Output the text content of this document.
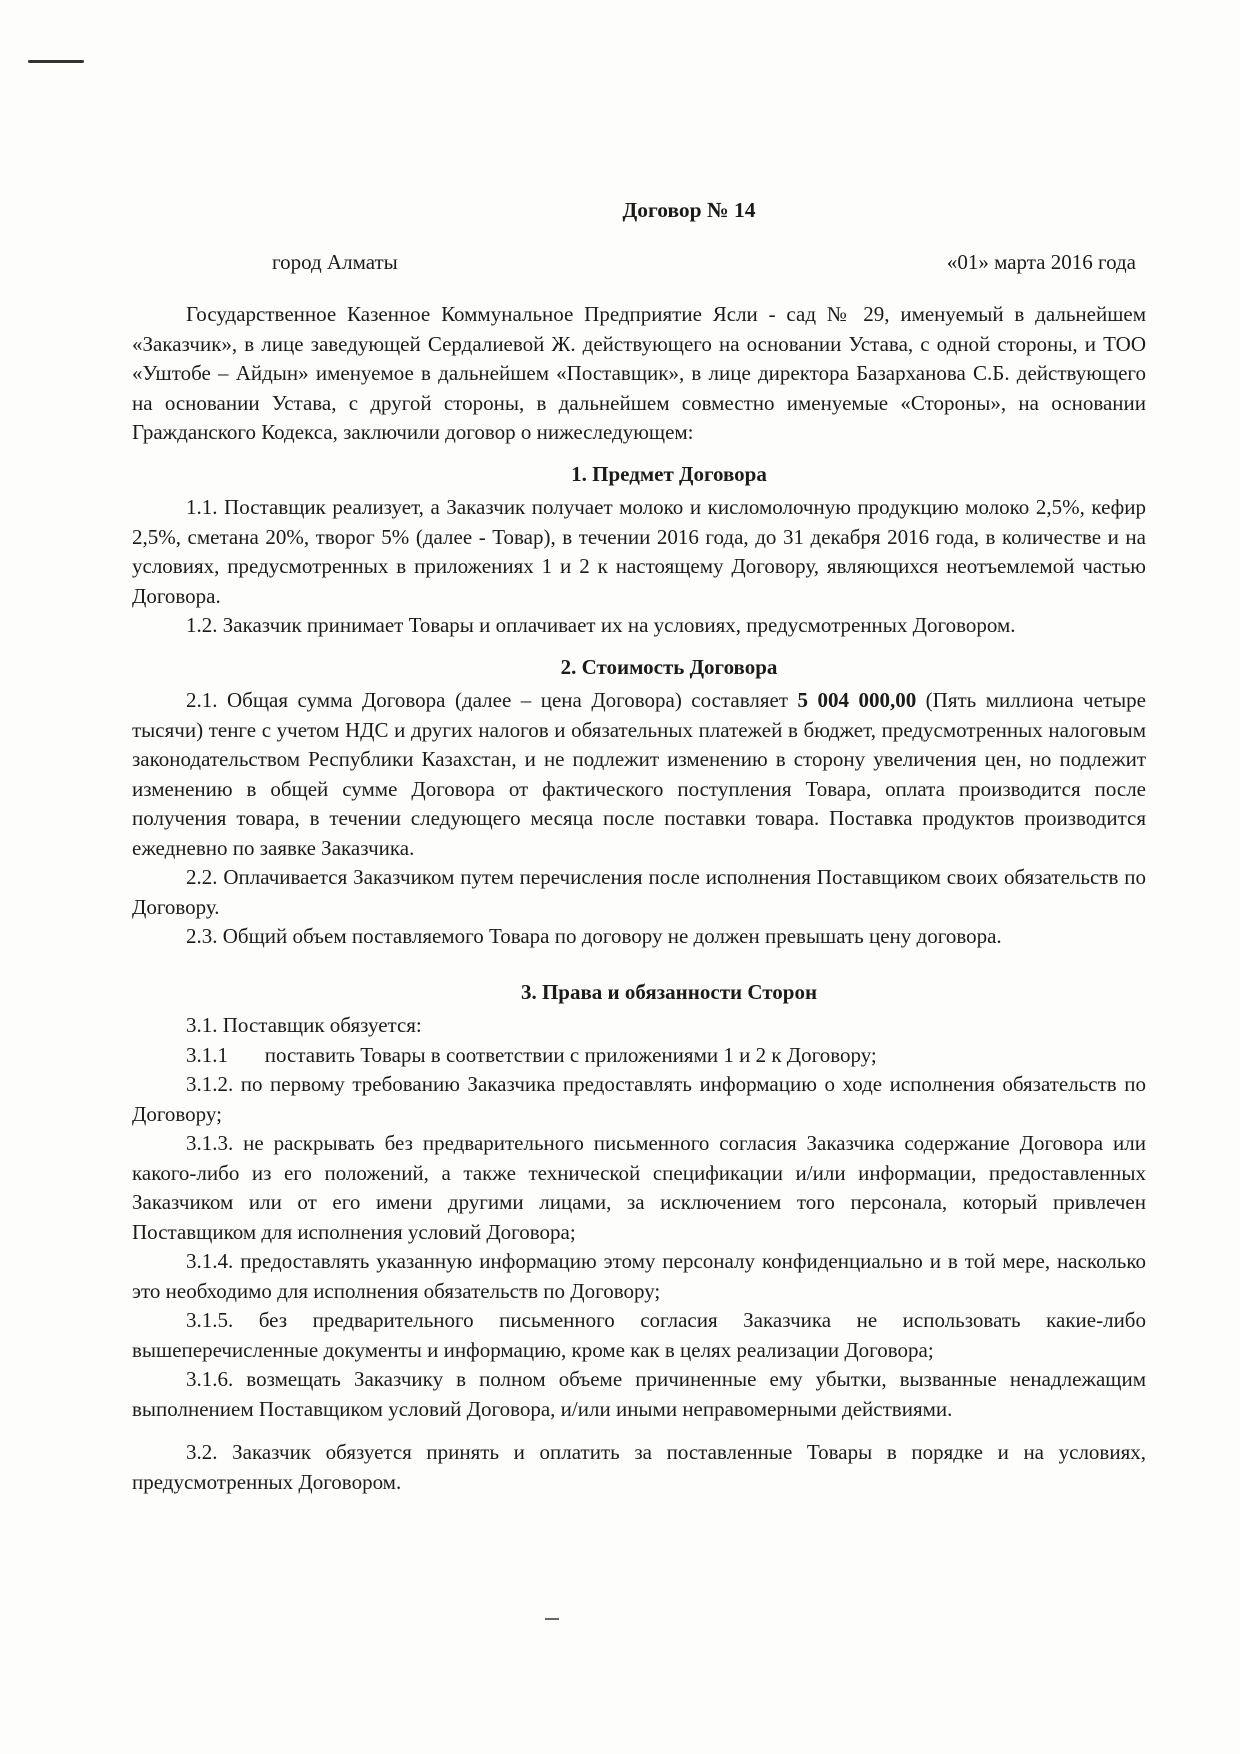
Договор № 14
город Алматы	«01» марта 2016 года

Государственное Казенное Коммунальное Предприятие Ясли - сад № 29, именуемый в дальнейшем «Заказчик», в лице заведующей Сердалиевой Ж. действующего на основании Устава, с одной стороны, и ТОО «Уштобе – Айдын» именуемое в дальнейшем «Поставщик», в лице директора Базарханова С.Б. действующего на основании Устава, с другой стороны, в дальнейшем совместно именуемые «Стороны», на основании Гражданского Кодекса, заключили договор о нижеследующем:

1. Предмет Договора

1.1. Поставщик реализует, а Заказчик получает молоко и кисломолочную продукцию молоко 2,5%, кефир 2,5%, сметана 20%, творог 5% (далее - Товар), в течении 2016 года, до 31 декабря 2016 года, в количестве и на условиях, предусмотренных в приложениях 1 и 2 к настоящему Договору, являющихся неотъемлемой частью Договора.

1.2. Заказчик принимает Товары и оплачивает их на условиях, предусмотренных Договором.

2. Стоимость Договора

2.1. Общая сумма Договора (далее – цена Договора) составляет 5 004 000,00 (Пять миллиона четыре тысячи) тенге с учетом НДС и других налогов и обязательных платежей в бюджет, предусмотренных налоговым законодательством Республики Казахстан, и не подлежит изменению в сторону увеличения цен, но подлежит изменению в общей сумме Договора от фактического поступления Товара, оплата производится после получения товара, в течении следующего месяца после поставки товара. Поставка продуктов производится ежедневно по заявке Заказчика.

2.2. Оплачивается Заказчиком путем перечисления после исполнения Поставщиком своих обязательств по Договору.

2.3. Общий объем поставляемого Товара по договору не должен превышать цену договора.

3. Права и обязанности Сторон

3.1. Поставщик обязуется:

3.1.1       поставить Товары в соответствии с приложениями 1 и 2 к Договору;

3.1.2. по первому требованию Заказчика предоставлять информацию о ходе исполнения обязательств по Договору;

3.1.3. не раскрывать без предварительного письменного согласия Заказчика содержание Договора или какого-либо из его положений, а также технической спецификации и/или информации, предоставленных Заказчиком или от его имени другими лицами, за исключением того персонала, который привлечен Поставщиком для исполнения условий Договора;

3.1.4. предоставлять указанную информацию этому персоналу конфиденциально и в той мере, насколько это необходимо для исполнения обязательств по Договору;

3.1.5. без предварительного письменного согласия Заказчика не использовать какие-либо вышеперечисленные документы и информацию, кроме как в целях реализации Договора;

3.1.6. возмещать Заказчику в полном объеме причиненные ему убытки, вызванные ненадлежащим выполнением Поставщиком условий Договора, и/или иными неправомерными действиями.

3.2. Заказчик обязуется принять и оплатить за поставленные Товары в порядке и на условиях, предусмотренных Договором.
